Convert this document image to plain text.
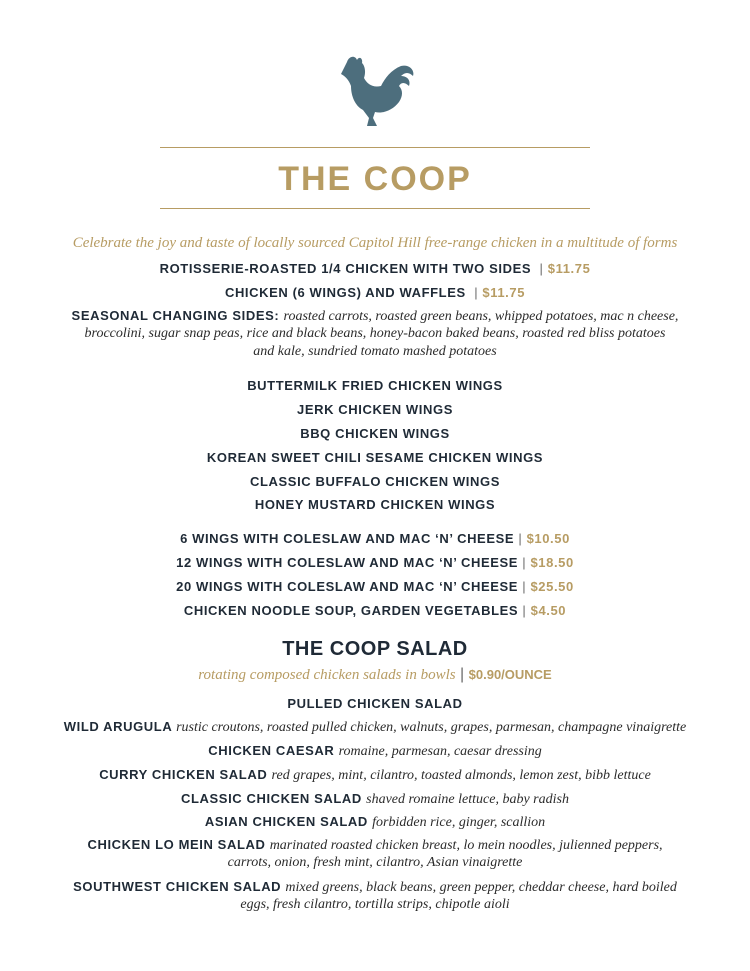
THE COOP
Celebrate the joy and taste of locally sourced Capitol Hill free-range chicken in a multitude of forms
ROTISSERIE-ROASTED 1/4 CHICKEN WITH TWO SIDES  | $11.75
CHICKEN (6 WINGS) AND WAFFLES  | $11.75
SEASONAL CHANGING SIDES: roasted carrots, roasted green beans, whipped potatoes, mac n cheese,
broccolini, sugar snap peas, rice and black beans, honey-bacon baked beans, roasted red bliss potatoes
and kale, sundried tomato mashed potatoes
BUTTERMILK FRIED CHICKEN WINGS
JERK CHICKEN WINGS
BBQ CHICKEN WINGS
KOREAN SWEET CHILI SESAME CHICKEN WINGS
CLASSIC BUFFALO CHICKEN WINGS
HONEY MUSTARD CHICKEN WINGS
6 WINGS WITH COLESLAW AND MAC ‘N’ CHEESE | $10.50
12 WINGS WITH COLESLAW AND MAC ‘N’ CHEESE | $18.50
20 WINGS WITH COLESLAW AND MAC ‘N’ CHEESE | $25.50
CHICKEN NOODLE SOUP, GARDEN VEGETABLES | $4.50
THE COOP SALAD
rotating composed chicken salads in bowls | $0.90/OUNCE
PULLED CHICKEN SALAD
WILD ARUGULA rustic croutons, roasted pulled chicken, walnuts, grapes, parmesan, champagne vinaigrette
CHICKEN CAESAR romaine, parmesan, caesar dressing
CURRY CHICKEN SALAD red grapes, mint, cilantro, toasted almonds, lemon zest, bibb lettuce
CLASSIC CHICKEN SALAD shaved romaine lettuce, baby radish
ASIAN CHICKEN SALAD forbidden rice, ginger, scallion
CHICKEN LO MEIN SALAD marinated roasted chicken breast, lo mein noodles, julienned peppers,
carrots, onion, fresh mint, cilantro, Asian vinaigrette
SOUTHWEST CHICKEN SALAD mixed greens, black beans, green pepper, cheddar cheese, hard boiled
eggs, fresh cilantro, tortilla strips, chipotle aioli
